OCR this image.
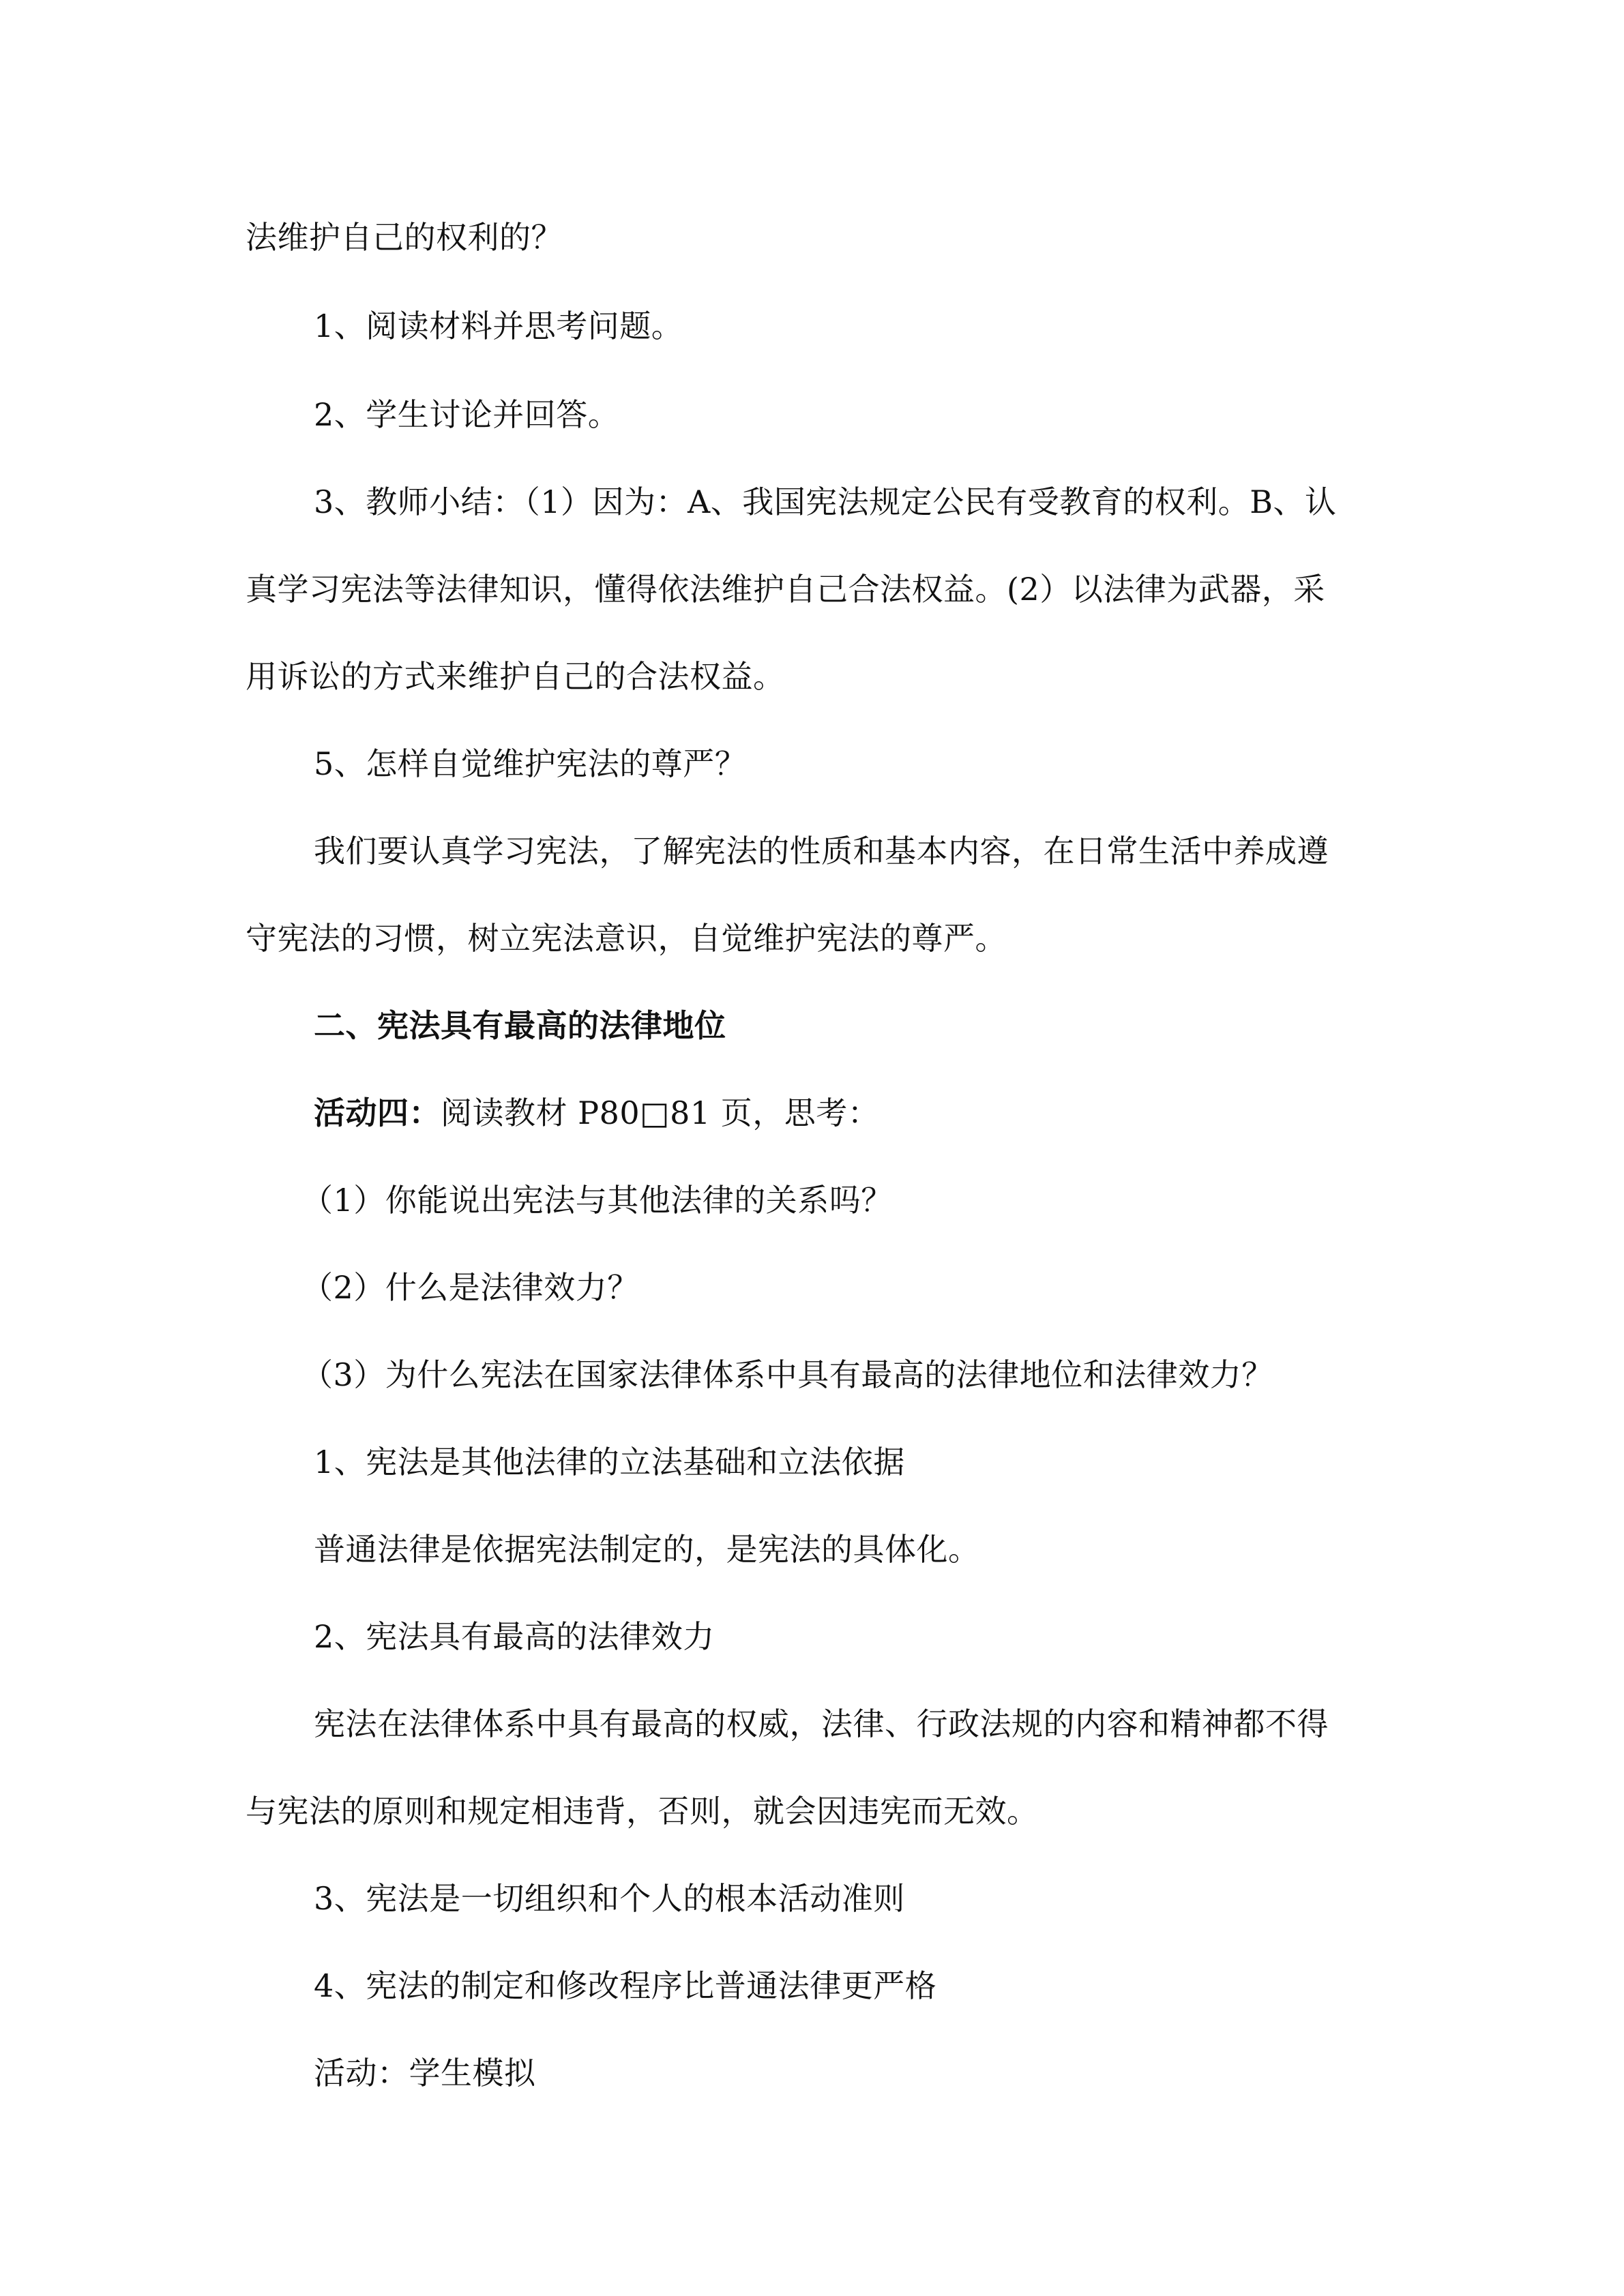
法维护自己的权利的？
1、阅读材料并思考问题。
2、学生讨论并回答。
3、教师小结：（1）因为：A、我国宪法规定公民有受教育的权利。B、认
真学习宪法等法律知识，懂得依法维护自己合法权益。(2）以法律为武器，采
用诉讼的方式来维护自己的合法权益。
5、怎样自觉维护宪法的尊严？
我们要认真学习宪法，了解宪法的性质和基本内容，在日常生活中养成遵
守宪法的习惯，树立宪法意识，自觉维护宪法的尊严。
二、宪法具有最高的法律地位
活动四：阅读教材 P80□81 页，思考：
（1）你能说出宪法与其他法律的关系吗？
（2）什么是法律效力？
（3）为什么宪法在国家法律体系中具有最高的法律地位和法律效力？
1、宪法是其他法律的立法基础和立法依据
普通法律是依据宪法制定的，是宪法的具体化。
2、宪法具有最高的法律效力
宪法在法律体系中具有最高的权威，法律、行政法规的内容和精神都不得
与宪法的原则和规定相违背，否则，就会因违宪而无效。
3、宪法是一切组织和个人的根本活动准则
4、宪法的制定和修改程序比普通法律更严格
活动：学生模拟
